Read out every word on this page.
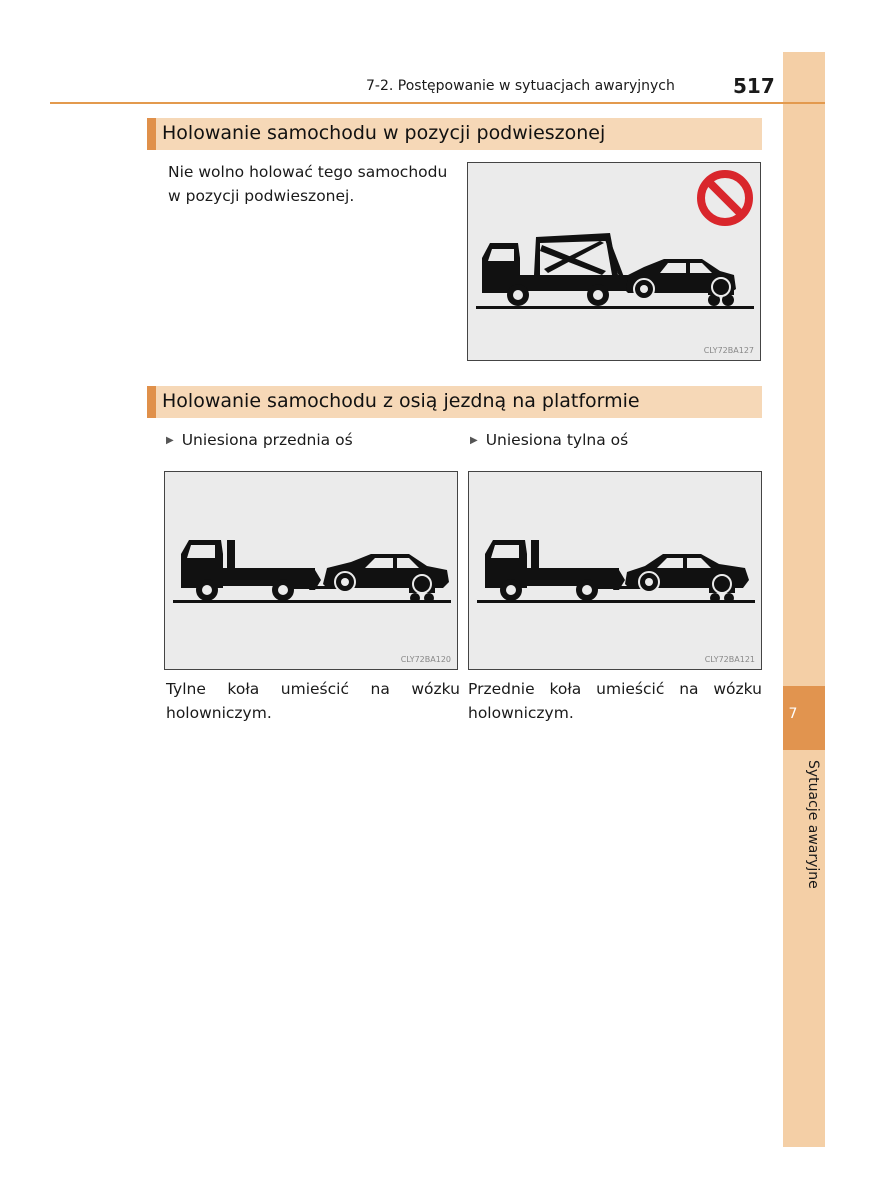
7
Sytuacje awaryjne
7-2. Postępowanie w sytuacjach awaryjnych	517
Holowanie samochodu w pozycji podwieszonej
Nie wolno holować tego samochodu w pozycji podwieszonej.
CLY72BA127
Holowanie samochodu z osią jezdną na platformie
▶ Uniesiona przednia oś	▶ Uniesiona tylna oś
CLY72BA120	CLY72BA121
Tylne koła umieścić na wózku holowniczym.
Przednie koła umieścić na wózku holowniczym.
